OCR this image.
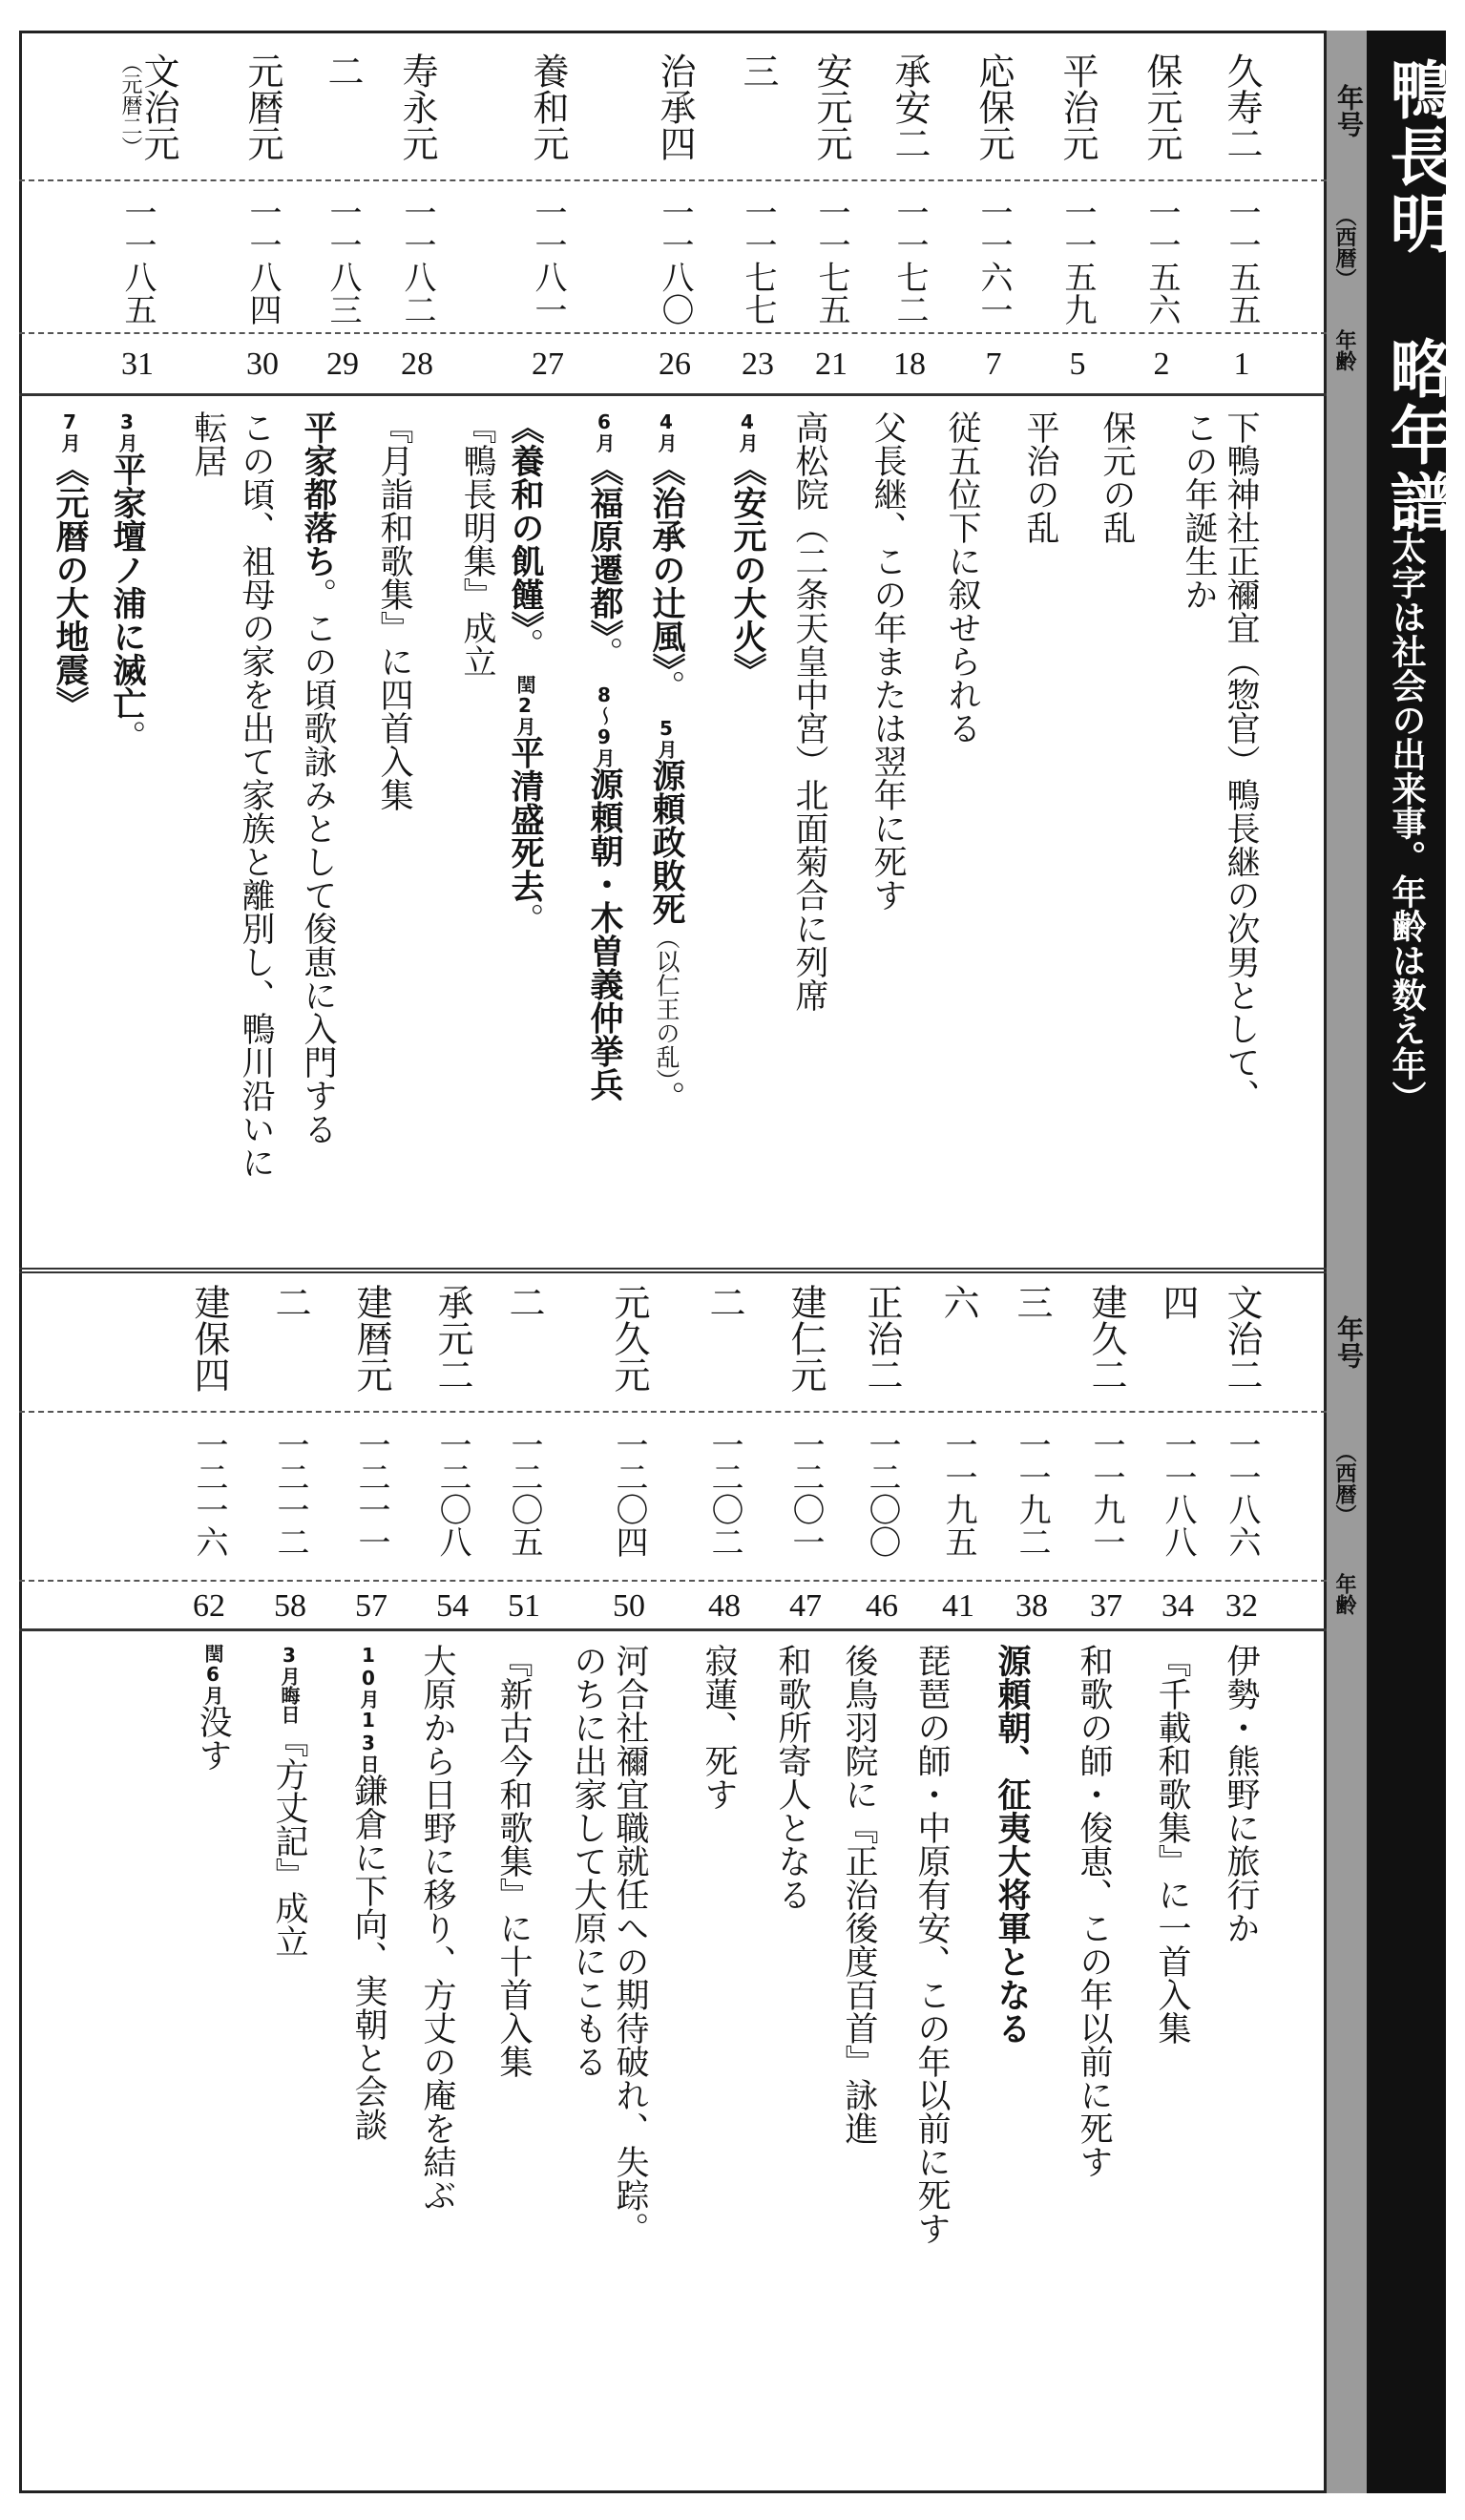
年号
（西暦）
年齢
年号
（西暦）
年齢
鴨長明 略年譜
（太字は社会の出来事。年齢は数え年）
久寿二
一一五五
1
保元元
一一五六
2
平治元
一一五九
5
応保元
一一六一
7
承安二
一一七二
18
安元元
一一七五
21
三
一一七七
23
治承四
一一八〇
26
養和元
一一八一
27
寿永元
一一八二
28
二
一一八三
29
元暦元
一一八四
30
文治元
（元暦二）
一一八五
31
下鴨神社正禰宜（惣官）鴨長継の次男として、
この年誕生か
保元の乱
平治の乱
従五位下に叙せられる
父長継、この年または翌年に死す
高松院（二条天皇中宮）北面菊合に列席
4月《安元の大火》
4月《治承の辻風》。5月源頼政敗死（以仁王の乱）。
6月《福原遷都》。8～9月源頼朝・木曽義仲挙兵
《養和の飢饉》。閏2月平清盛死去。
『鴨長明集』成立
『月詣和歌集』に四首入集
平家都落ち。この頃歌詠みとして俊恵に入門する
この頃、祖母の家を出て家族と離別し、鴨川沿いに
転居
3月平家壇ノ浦に滅亡。
7月《元暦の大地震》
文治二
一一八六
32
四
一一八八
34
建久二
一一九一
37
三
一一九二
38
六
一一九五
41
正治二
一二〇〇
46
建仁元
一二〇一
47
二
一二〇二
48
元久元
一二〇四
50
二
一二〇五
51
承元二
一二〇八
54
建暦元
一二一一
57
二
一二一二
58
建保四
一二一六
62
伊勢・熊野に旅行か
『千載和歌集』に一首入集
和歌の師・俊恵、この年以前に死す
源頼朝、征夷大将軍となる
琵琶の師・中原有安、この年以前に死す
後鳥羽院に『正治後度百首』詠進
和歌所寄人となる
寂蓮、死す
河合社禰宜職就任への期待破れ、失踪。
のちに出家して大原にこもる
『新古今和歌集』に十首入集
大原から日野に移り、方丈の庵を結ぶ
10月13日鎌倉に下向、実朝と会談
3月晦日『方丈記』成立
閏6月没す
